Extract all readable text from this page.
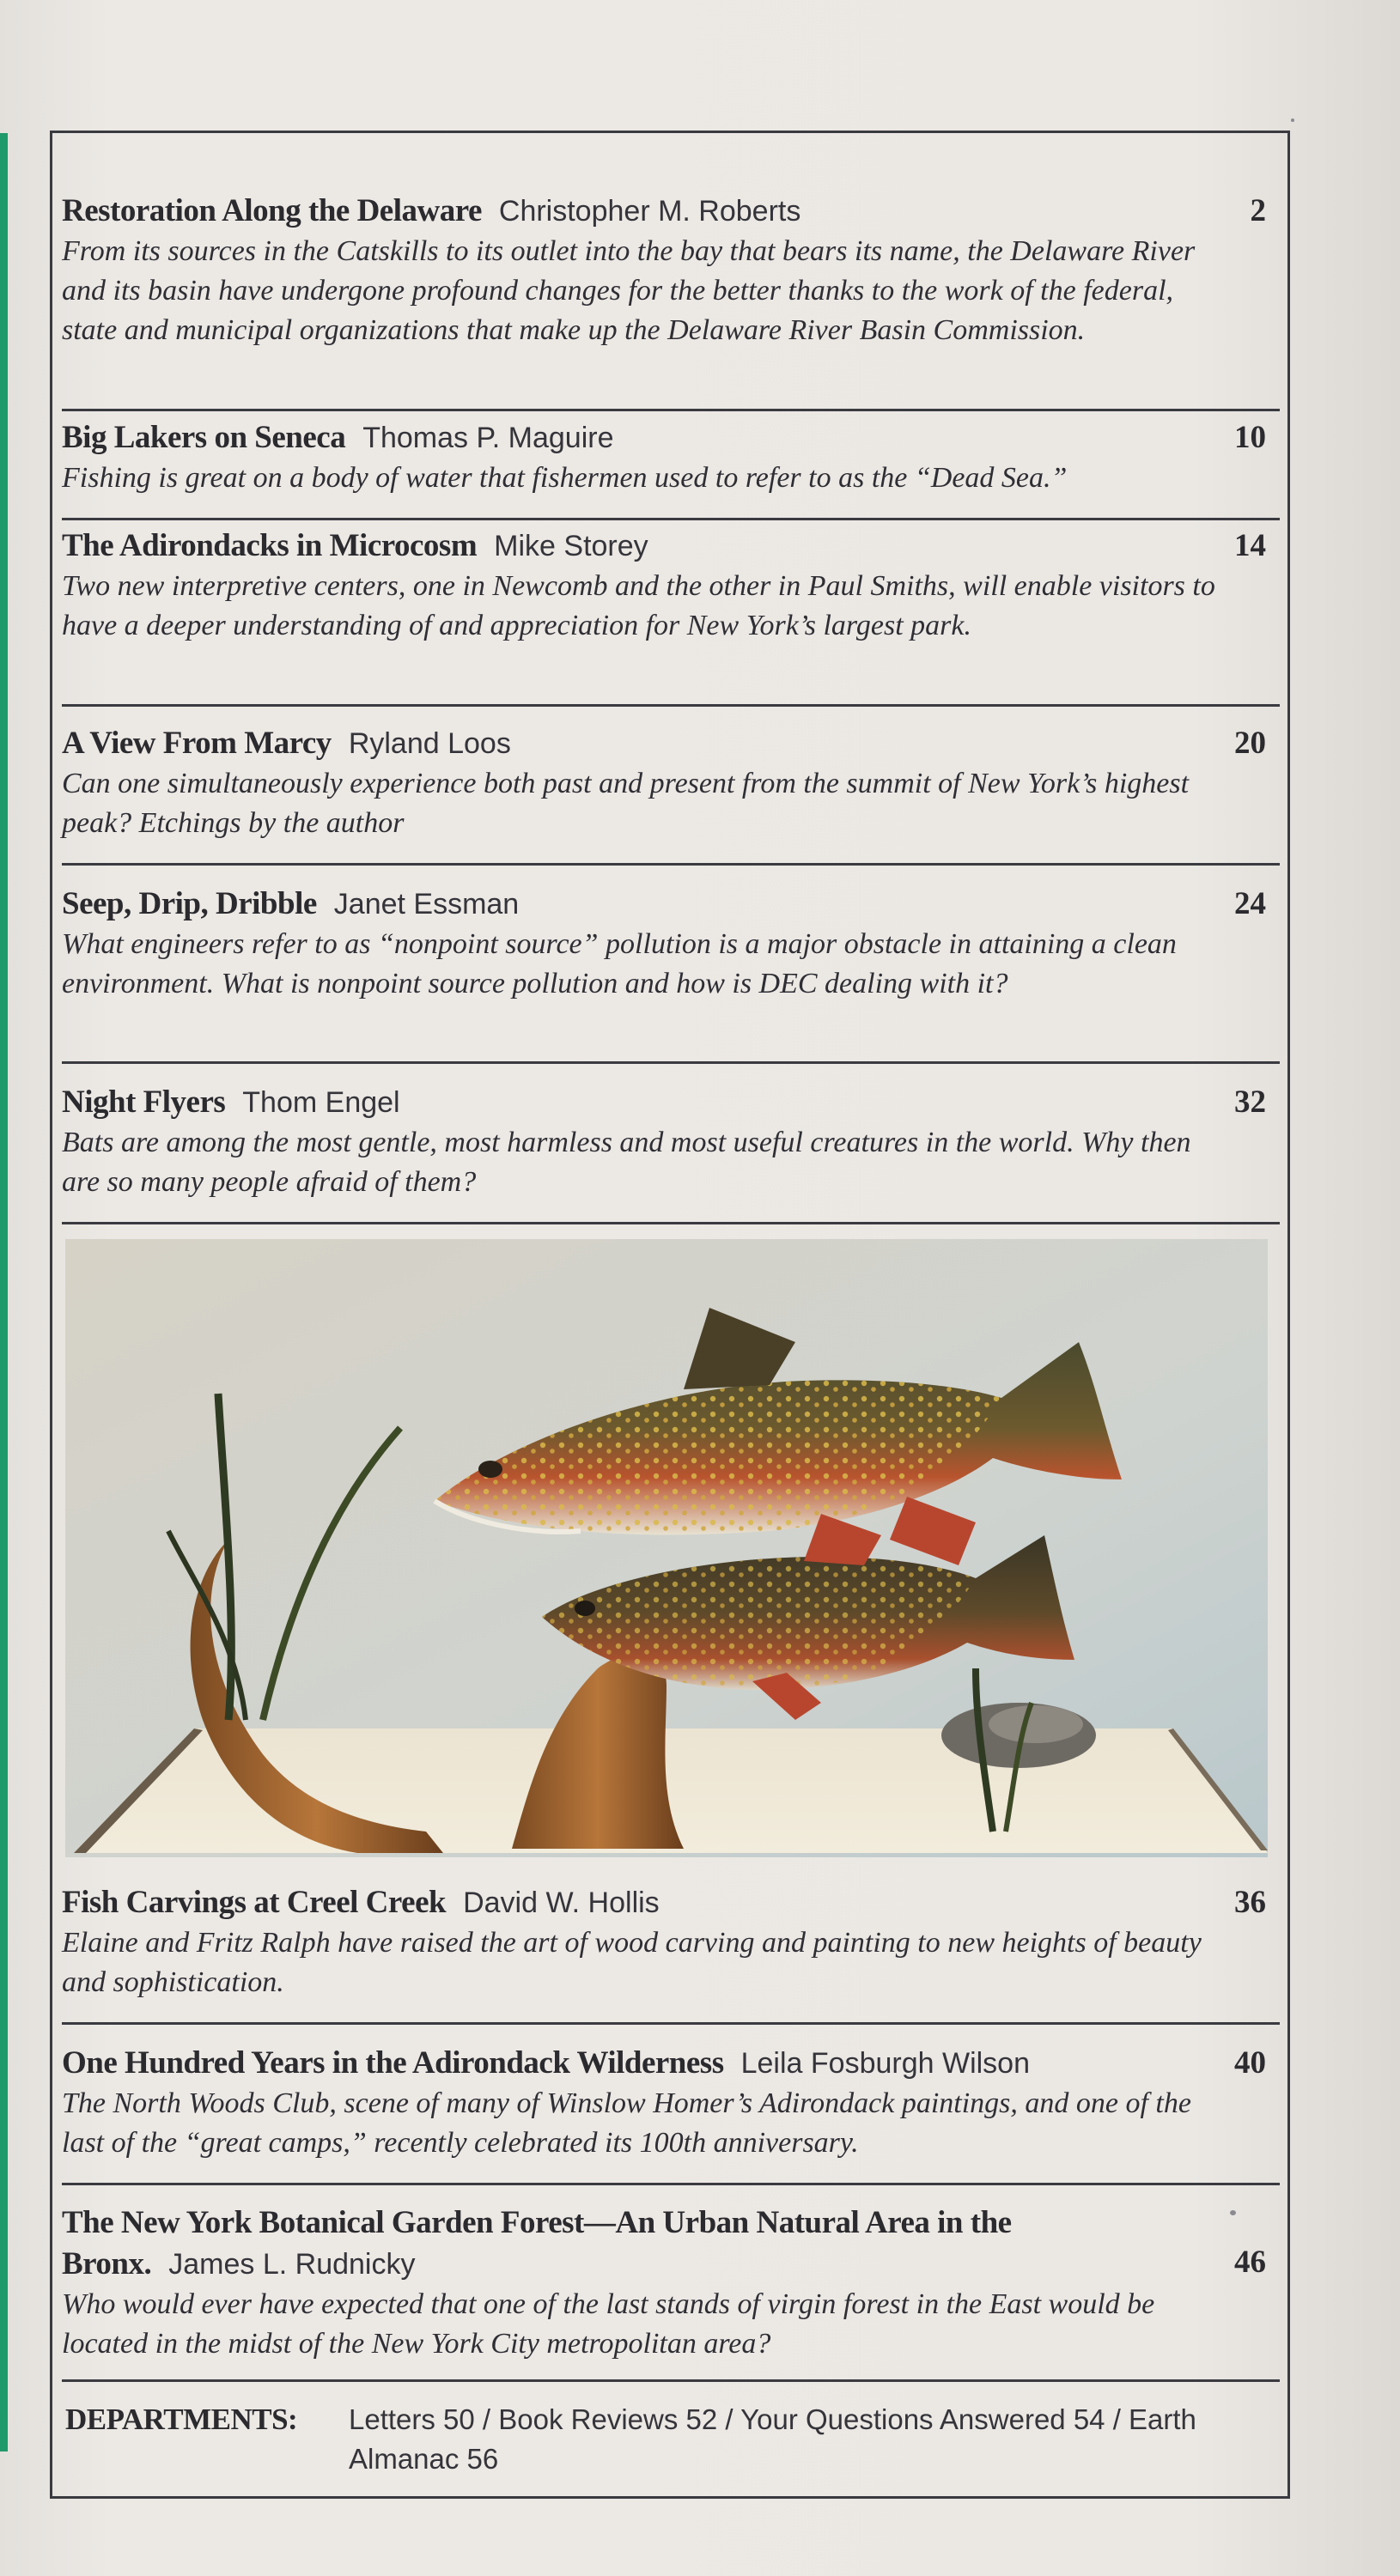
Restoration Along the Delaware Christopher M. Roberts	2
From its sources in the Catskills to its outlet into the bay that bears its name, the Delaware River and its basin have undergone profound changes for the better thanks to the work of the federal, state and municipal organizations that make up the Delaware River Basin Commission.
Big Lakers on Seneca Thomas P. Maguire	10
Fishing is great on a body of water that fishermen used to refer to as the “Dead Sea.”
The Adirondacks in Microcosm Mike Storey	14
Two new interpretive centers, one in Newcomb and the other in Paul Smiths, will enable visitors to have a deeper understanding of and appreciation for New York’s largest park.
A View From Marcy Ryland Loos	20
Can one simultaneously experience both past and present from the summit of New York’s highest peak? Etchings by the author
Seep, Drip, Dribble Janet Essman	24
What engineers refer to as “nonpoint source” pollution is a major obstacle in attaining a clean environment. What is nonpoint source pollution and how is DEC dealing with it?
Night Flyers Thom Engel	32
Bats are among the most gentle, most harmless and most useful creatures in the world. Why then are so many people afraid of them?
Fish Carvings at Creel Creek David W. Hollis	36
Elaine and Fritz Ralph have raised the art of wood carving and painting to new heights of beauty and sophistication.
One Hundred Years in the Adirondack Wilderness Leila Fosburgh Wilson	40
The North Woods Club, scene of many of Winslow Homer’s Adirondack paintings, and one of the last of the “great camps,” recently celebrated its 100th anniversary.
The New York Botanical Garden Forest—An Urban Natural Area in the Bronx. James L. Rudnicky	46
Who would ever have expected that one of the last stands of virgin forest in the East would be located in the midst of the New York City metropolitan area?
DEPARTMENTS: Letters 50 / Book Reviews 52 / Your Questions Answered 54 / Earth Almanac 56
